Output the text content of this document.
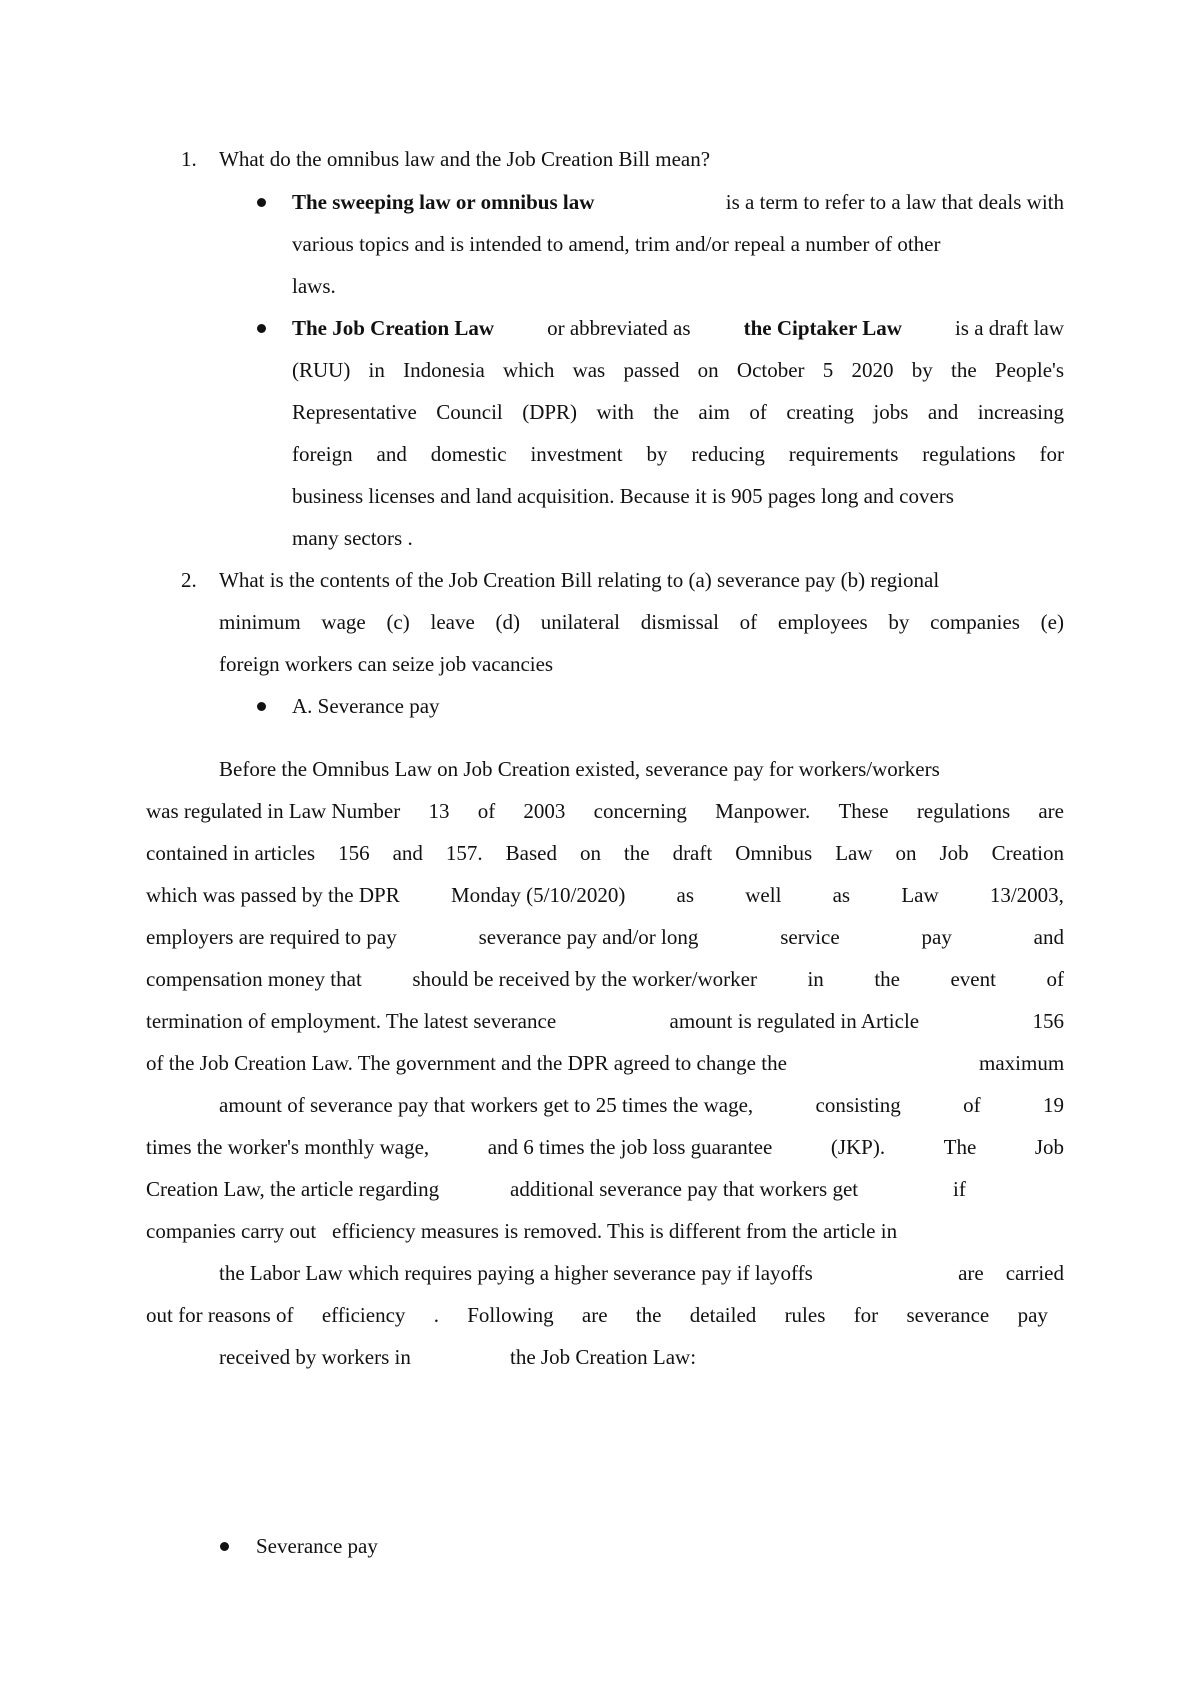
1. What do the omnibus law and the Job Creation Bill mean?
The sweeping law or omnibus law	is a term to refer to a law that deals with
various topics and is intended to amend, trim and/or repeal a number of other
laws.
The Job Creation Law	or abbreviated as	the Ciptaker Law	is a draft law
(RUU) in Indonesia which was passed on October 5 2020 by the People's
Representative Council (DPR) with the aim of creating jobs and increasing
foreign and domestic investment by reducing requirements regulations for
business licenses and land acquisition. Because it is 905 pages long and covers
many sectors .
2. What is the contents of the Job Creation Bill relating to (a) severance pay (b) regional
minimum wage (c) leave (d) unilateral dismissal of employees by companies (e)
foreign workers can seize job vacancies
A. Severance pay
Before the Omnibus Law on Job Creation existed, severance pay for workers/workers
was regulated in Law Number 13 of 2003 concerning Manpower. These regulations are
contained in articles 156 and 157. Based on the draft Omnibus Law on Job Creation
which was passed by the DPR Monday (5/10/2020) as well as Law 13/2003,
employers are required to pay	severance pay and/or long	service	pay	and
compensation money that should be received by the worker/worker in the event of
termination of employment. The latest severance	amount is regulated in Article	156
of the Job Creation Law. The government and the DPR agreed to change the	maximum
amount of severance pay that workers get to 25 times the wage,	consisting	of	19
times the worker's monthly wage,	and 6 times the job loss guarantee	(JKP).	The	Job
Creation Law, the article regarding	additional severance pay that workers get	if
companies carry out   efficiency measures is removed. This is different from the article in
the Labor Law which requires paying a higher severance pay if layoffs	are carried
out for reasons of efficiency . Following are the detailed rules for severance pay
received by workers in	the Job Creation Law:
Severance pay
